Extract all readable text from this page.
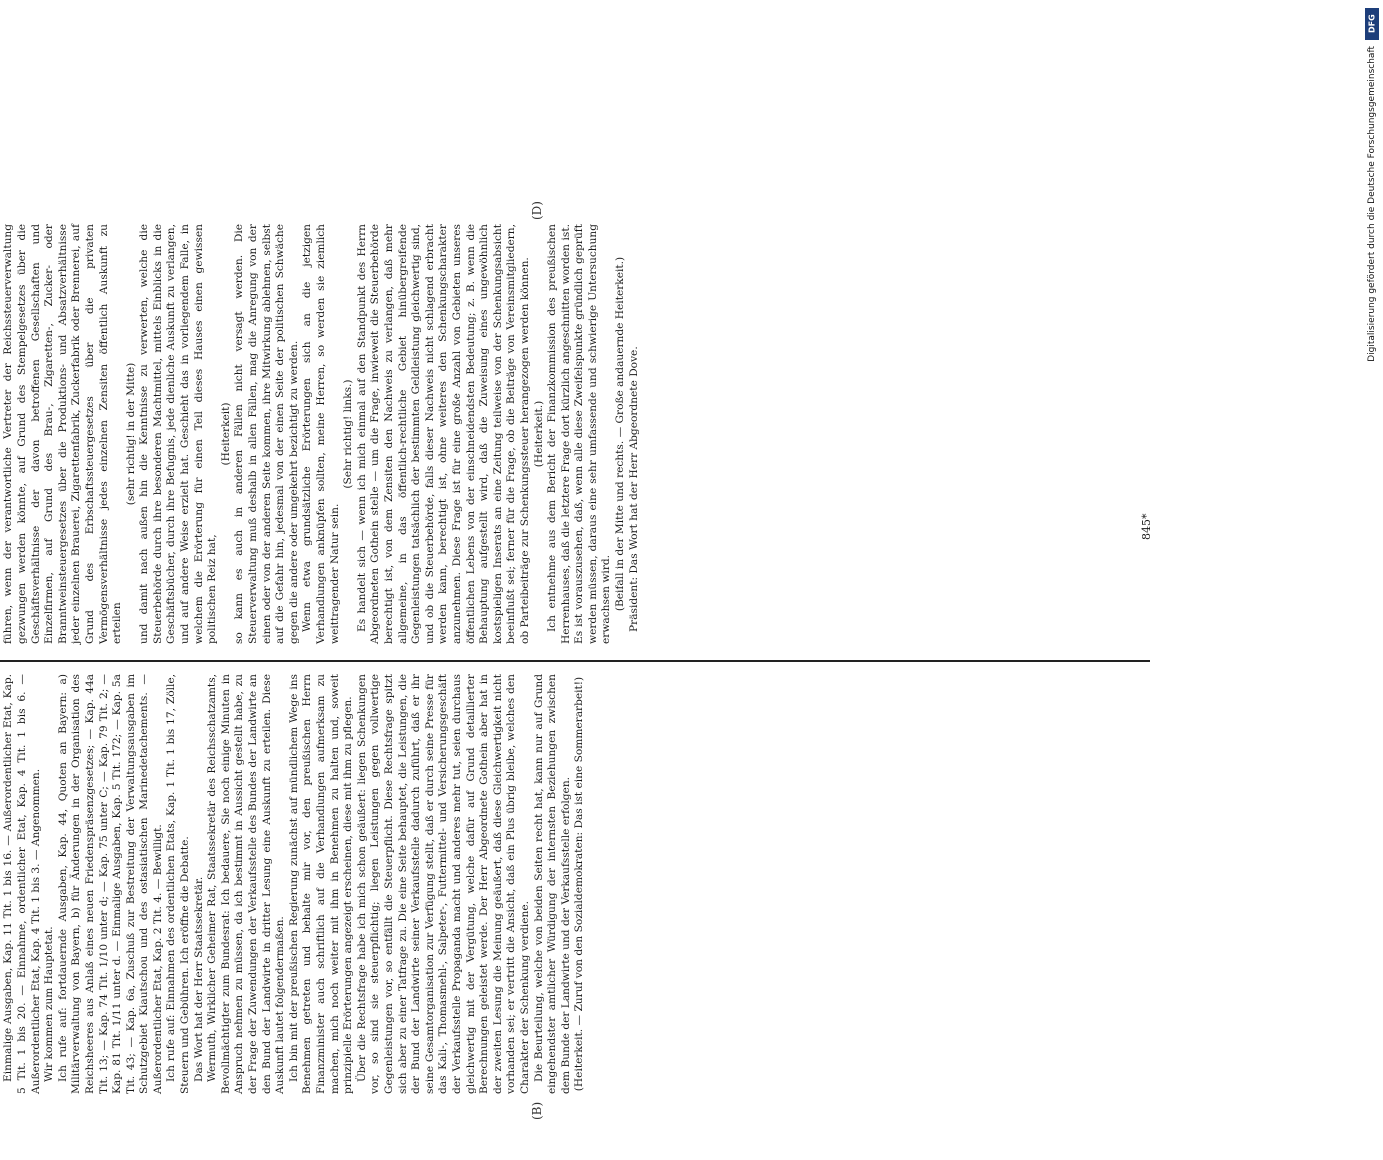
(B)
(D)

Einmalige Ausgaben, Kap. 11 Tit. 1 bis 16. — Außerordentlicher Etat, Kap. 5 Tit. 1 bis 20. — Einnahme, ordentlicher Etat, Kap. 4 Tit. 1 bis 6. — Außerordentlicher Etat, Kap. 4 Tit. 1 bis 3. — Angenommen. Wir kommen zum Hauptetat. Ich rufe auf: fortdauernde Ausgaben, Kap. 44, Quoten an Bayern: a) Militärverwaltung von Bayern, b) für Änderungen in der Organisation des Reichsheeres aus Anlaß eines neuen Friedenspräsenzgesetzes; — Kap. 44a Tit. 13; — Kap. 74 Tit. 1/10 unter d; — Kap. 75 unter C; — Kap. 79 Tit. 2; — Kap. 81 Tit. 1/11 unter d. — Einmalige Ausgaben, Kap. 5 Tit. 172; — Kap. 5a Tit. 43; — Kap. 6a, Zuschuß zur Bestreitung der Verwaltungsausgaben im Schutzgebiet Kiautschou und des ostasiatischen Marinedetachements. — Außerordentlicher Etat, Kap. 2 Tit. 4. — Bewilligt. Ich rufe auf: Einnahmen des ordentlichen Etats, Kap. 1 Tit. 1 bis 17, Zölle, Steuern und Gebühren. Ich eröffne die Debatte. Das Wort hat der Herr Staatssekretär. Wermuth, Wirklicher Geheimer Rat, Staatssekretär des Reichsschatzamts, Bevollmächtigter zum Bundesrat: Ich bedauere, Sie noch einige Minuten in Anspruch nehmen zu müssen, da ich bestimmt in Aussicht gestellt habe, zu der Frage der Zuwendungen der Verkaufsstelle des Bundes der Landwirte an den Bund der Landwirte in dritter Lesung eine Auskunft zu erteilen. Diese Auskunft lautet folgendermaßen. Ich bin mit der preußischen Regierung zunächst auf mündlichem Wege ins Benehmen getreten und behalte mir vor, den preußischen Herrn Finanzminister auch schriftlich auf die Verhandlungen aufmerksam zu machen, mich noch weiter mit ihm in Benehmen zu halten und, soweit prinzipielle Erörterungen angezeigt erscheinen, diese mit ihm zu pflegen. Über die Rechtsfrage habe ich mich schon geäußert: liegen Schenkungen vor, so sind sie steuerpflichtig; liegen Leistungen gegen vollwertige Gegenleistungen vor, so entfällt die Steuerpflicht. Diese Rechtsfrage spitzt sich aber zu einer Tatfrage zu. Die eine Seite behauptet, die Leistungen, die der Bund der Landwirte seiner Verkaufsstelle dadurch zuführt, daß er ihr seine Gesamtorganisation zur Verfügung stellt, daß er durch seine Presse für das Kali-, Thomasmehl-, Salpeter-, Futtermittel- und Versicherungsgeschäft der Verkaufsstelle Propaganda macht und anderes mehr tut, seien durchaus gleichwertig mit der Vergütung, welche dafür auf Grund detaillierter Berechnungen geleistet werde. Der Herr Abgeordnete Gothein aber hat in der zweiten Lesung die Meinung geäußert, daß diese Gleichwertigkeit nicht vorhanden sei; er vertritt die Ansicht, daß ein Plus übrig bleibe, welches den Charakter der Schenkung verdiene. Die Beurteilung, welche von beiden Seiten recht hat, kann nur auf Grund eingehendster amtlicher Würdigung der internsten Beziehungen zwischen dem Bunde der Landwirte und der Verkaufsstelle erfolgen. (Heiterkeit. — Zuruf von den Sozialdemokraten: Das ist eine Sommerarbeit!)

führen, wenn der verantwortliche Vertreter der Reichssteuerverwaltung gezwungen werden könnte, auf Grund des Stempelgesetzes über die Geschäftsverhältnisse der davon betroffenen Gesellschaften und Einzelfirmen, auf Grund des Brau-, Zigaretten-, Zucker- oder Branntweinsteuergesetzes über die Produktions- und Absatzverhältnisse jeder einzelnen Brauerei, Zigarettenfabrik, Zuckerfabrik oder Brennerei, auf Grund des Erbschaftssteuergesetzes über die privaten Vermögensverhältnisse jedes einzelnen Zensiten öffentlich Auskunft zu erteilen

(sehr richtig! in der Mitte) und damit nach außen hin die Kenntnisse zu verwerten, welche die Steuerbehörde durch ihre besonderen Machtmittel, mittels Einblicks in die Geschäftsbücher, durch ihre Befugnis, jede dienliche Auskunft zu verlangen, und auf andere Weise erzielt hat. Geschieht das in vorliegendem Falle, in welchem die Erörterung für einen Teil dieses Hauses einen gewissen politischen Reiz hat,

(Heiterkeit) so kann es auch in anderen Fällen nicht versagt werden. Die Steuerverwaltung muß deshalb in allen Fällen, mag die Anregung von der einen oder von der anderen Seite kommen, ihre Mitwirkung ablehnen, selbst auf die Gefahr hin, jedesmal von der einen Seite der politischen Schwäche gegen die andere oder umgekehrt bezichtigt zu werden. Wenn etwa grundsätzliche Erörterungen sich an die jetzigen Verhandlungen anknüpfen sollten, meine Herren, so werden sie ziemlich weittragender Natur sein.

(Sehr richtig! links.) Es handelt sich — wenn ich mich einmal auf den Standpunkt des Herrn Abgeordneten Gothein stelle — um die Frage, inwieweit die Steuerbehörde berechtigt ist, von dem Zensiten den Nachweis zu verlangen, daß mehr allgemeine, in das öffentlich-rechtliche Gebiet hinübergreifende Gegenleistungen tatsächlich der bestimmten Geldleistung gleichwertig sind, und ob die Steuerbehörde, falls dieser Nachweis nicht schlagend erbracht werden kann, berechtigt ist, ohne weiteres den Schenkungscharakter anzunehmen. Diese Frage ist für eine große Anzahl von Gebieten unseres öffentlichen Lebens von der einschneidendsten Bedeutung; z. B. wenn die Behauptung aufgestellt wird, daß die Zuweisung eines ungewöhnlich kostspieligen Inserats an eine Zeitung teilweise von der Schenkungsabsicht beeinflußt sei; ferner für die Frage, ob die Beiträge von Vereinsmitgliedern, ob Parteibeiträge zur Schenkungssteuer herangezogen werden können. (Heiterkeit.) Ich entnehme aus dem Bericht der Finanzkommission des preußischen Herrenhauses, daß die letztere Frage dort kürzlich angeschnitten worden ist. Es ist vorauszusehen, daß, wenn alle diese Zweifelspunkte gründlich geprüft werden müssen, daraus eine sehr umfassende und schwierige Untersuchung erwachsen wird. (Beifall in der Mitte und rechts. — Große andauernde Heiterkeit.) Präsident: Das Wort hat der Herr Abgeordnete Dove.	845*
DFG
Digitalisierung gefördert durch die Deutsche Forschungsgemeinschaft
